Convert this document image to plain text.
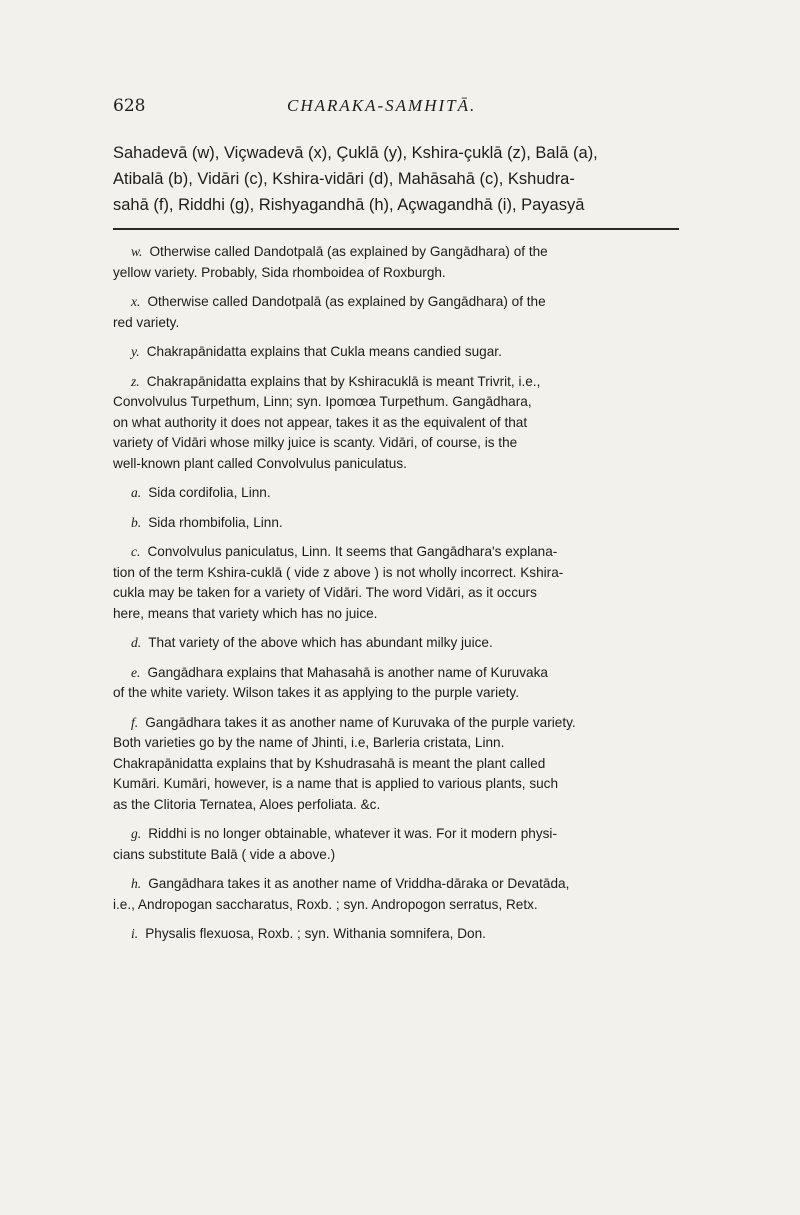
628	CHARAKA-SAMHITĀ.
Sahadevā (w), Viçwadevā (x), Çuklā (y), Kshira-çuklā (z), Balā (a),
Atibalā (b), Vidāri (c), Kshira-vidāri (d), Mahāsahā (c), Kshudra-
sahā (f), Riddhi (g), Rishyagandhā (h), Açwagandhā (i), Payasyā
w. Otherwise called Dandotpalā (as explained by Gangādhara) of the
yellow variety. Probably, Sida rhomboidea of Roxburgh.
x. Otherwise called Dandotpalā (as explained by Gangādhara) of the
red variety.
y. Chakrapānidatta explains that Cukla means candied sugar.
z. Chakrapānidatta explains that by Kshiracuklā is meant Trivrit, i.e.,
Convolvulus Turpethum, Linn; syn. Ipomœa Turpethum. Gangādhara,
on what authority it does not appear, takes it as the equivalent of that
variety of Vidāri whose milky juice is scanty. Vidāri, of course, is the
well-known plant called Convolvulus paniculatus.
a. Sida cordifolia, Linn.
b. Sida rhombifolia, Linn.
c. Convolvulus paniculatus, Linn. It seems that Gangādhara's explana-
tion of the term Kshira-cuklā ( vide z above ) is not wholly incorrect. Kshira-
cukla may be taken for a variety of Vidāri. The word Vidāri, as it occurs
here, means that variety which has no juice.
d. That variety of the above which has abundant milky juice.
e. Gangādhara explains that Mahasahā is another name of Kuruvaka
of the white variety. Wilson takes it as applying to the purple variety.
f. Gangādhara takes it as another name of Kuruvaka of the purple variety.
Both varieties go by the name of Jhinti, i.e, Barleria cristata, Linn.
Chakrapānidatta explains that by Kshudrasahā is meant the plant called
Kumāri. Kumāri, however, is a name that is applied to various plants, such
as the Clitoria Ternatea, Aloes perfoliata. &c.
g. Riddhi is no longer obtainable, whatever it was. For it modern physi-
cians substitute Balā ( vide a above.)
h. Gangādhara takes it as another name of Vriddha-dāraka or Devatāda,
i.e., Andropogan saccharatus, Roxb. ; syn. Andropogon serratus, Retx.
i. Physalis flexuosa, Roxb. ; syn. Withania somnifera, Don.
